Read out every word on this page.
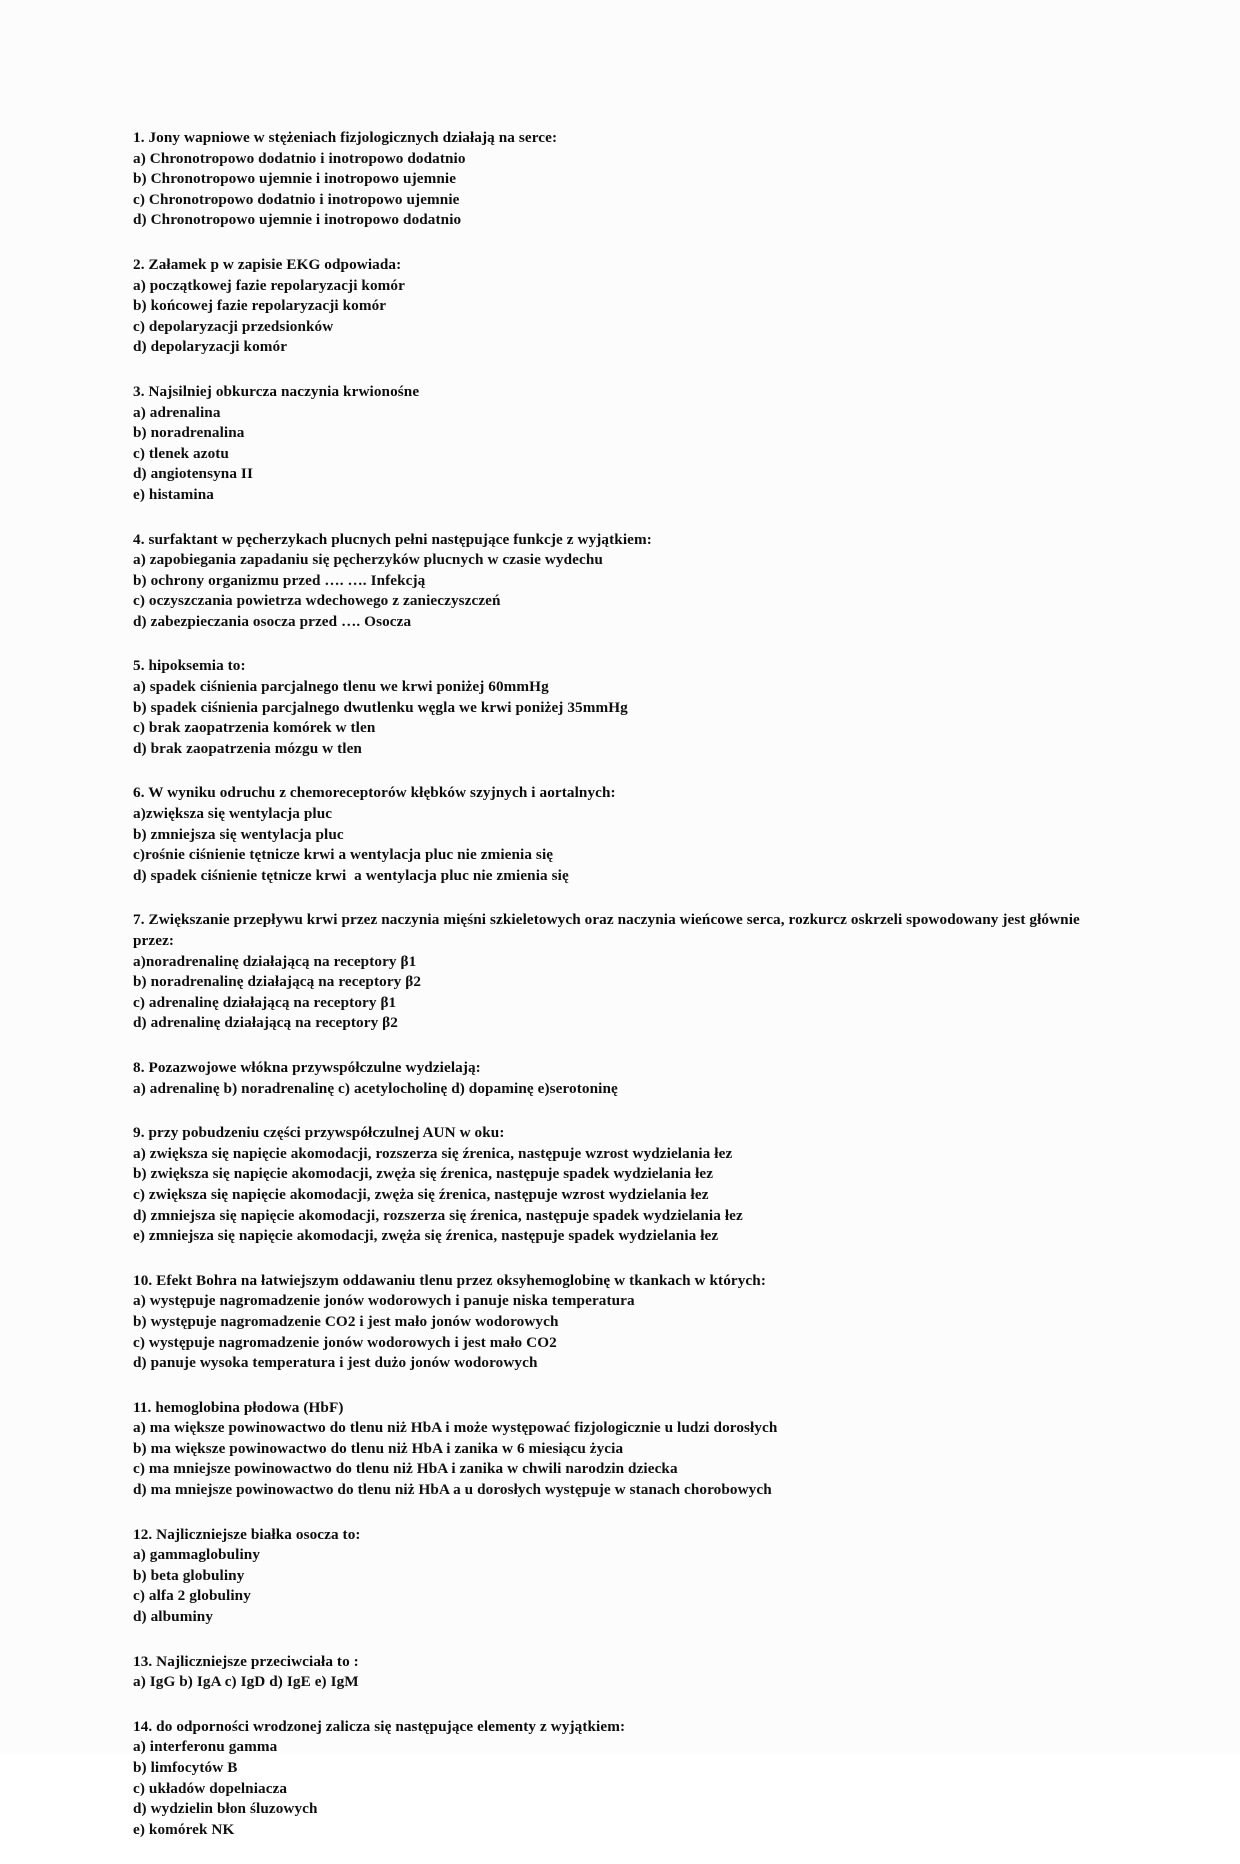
1. Jony wapniowe w stężeniach fizjologicznych działają na serce:

a) Chronotropowo dodatnio i inotropowo dodatnio

b) Chronotropowo ujemnie i inotropowo ujemnie

c) Chronotropowo dodatnio i inotropowo ujemnie

d) Chronotropowo ujemnie i inotropowo dodatnio

2. Załamek p w zapisie EKG odpowiada:

a) początkowej fazie repolaryzacji komór

b) końcowej fazie repolaryzacji komór

c) depolaryzacji przedsionków

d) depolaryzacji komór

3. Najsilniej obkurcza naczynia krwionośne

a) adrenalina

b) noradrenalina

c) tlenek azotu

d) angiotensyna II

e) histamina

4. surfaktant w pęcherzykach plucnych pełni następujące funkcje z wyjątkiem:

a) zapobiegania zapadaniu się pęcherzyków plucnych w czasie wydechu

b) ochrony organizmu przed …. …. Infekcją

c) oczyszczania powietrza wdechowego z zanieczyszczeń

d) zabezpieczania osocza przed …. Osocza

5. hipoksemia to:

a) spadek ciśnienia parcjalnego tlenu we krwi poniżej 60mmHg

b) spadek ciśnienia parcjalnego dwutlenku węgla we krwi poniżej 35mmHg

c) brak zaopatrzenia komórek w tlen

d) brak zaopatrzenia mózgu w tlen

6. W wyniku odruchu z chemoreceptorów kłębków szyjnych i aortalnych:

a)zwiększa się wentylacja pluc

b) zmniejsza się wentylacja pluc

c)rośnie ciśnienie tętnicze krwi a wentylacja pluc nie zmienia się

d) spadek ciśnienie tętnicze krwi  a wentylacja pluc nie zmienia się

7. Zwiększanie przepływu krwi przez naczynia mięśni szkieletowych oraz naczynia wieńcowe serca, rozkurcz oskrzeli spowodowany jest głównie przez:

a)noradrenalinę działającą na receptory β1

b) noradrenalinę działającą na receptory β2

c) adrenalinę działającą na receptory β1

d) adrenalinę działającą na receptory β2

8. Pozazwojowe włókna przywspółczulne wydzielają:

a) adrenalinę b) noradrenalinę c) acetylocholinę d) dopaminę e)serotoninę

9. przy pobudzeniu części przywspółczulnej AUN w oku:

a) zwiększa się napięcie akomodacji, rozszerza się źrenica, następuje wzrost wydzielania łez

b) zwiększa się napięcie akomodacji, zwęża się źrenica, następuje spadek wydzielania łez

c) zwiększa się napięcie akomodacji, zwęża się źrenica, następuje wzrost wydzielania łez

d) zmniejsza się napięcie akomodacji, rozszerza się źrenica, następuje spadek wydzielania łez

e) zmniejsza się napięcie akomodacji, zwęża się źrenica, następuje spadek wydzielania łez

10. Efekt Bohra na łatwiejszym oddawaniu tlenu przez oksyhemoglobinę w tkankach w których:

a) występuje nagromadzenie jonów wodorowych i panuje niska temperatura

b) występuje nagromadzenie CO2 i jest mało jonów wodorowych

c) występuje nagromadzenie jonów wodorowych i jest mało CO2

d) panuje wysoka temperatura i jest dużo jonów wodorowych

11. hemoglobina płodowa (HbF)

a) ma większe powinowactwo do tlenu niż HbA i może występować fizjologicznie u ludzi dorosłych

b) ma większe powinowactwo do tlenu niż HbA i zanika w 6 miesiącu życia

c) ma mniejsze powinowactwo do tlenu niż HbA i zanika w chwili narodzin dziecka

d) ma mniejsze powinowactwo do tlenu niż HbA a u dorosłych występuje w stanach chorobowych

12. Najliczniejsze białka osocza to:

a) gammaglobuliny

b) beta globuliny

c) alfa 2 globuliny

d) albuminy

13. Najliczniejsze przeciwciała to :

a) IgG b) IgA c) IgD d) IgE e) IgM

14. do odporności wrodzonej zalicza się następujące elementy z wyjątkiem:

a) interferonu gamma

b) limfocytów B

c) układów dopelniacza

d) wydzielin błon śluzowych

e) komórek NK
